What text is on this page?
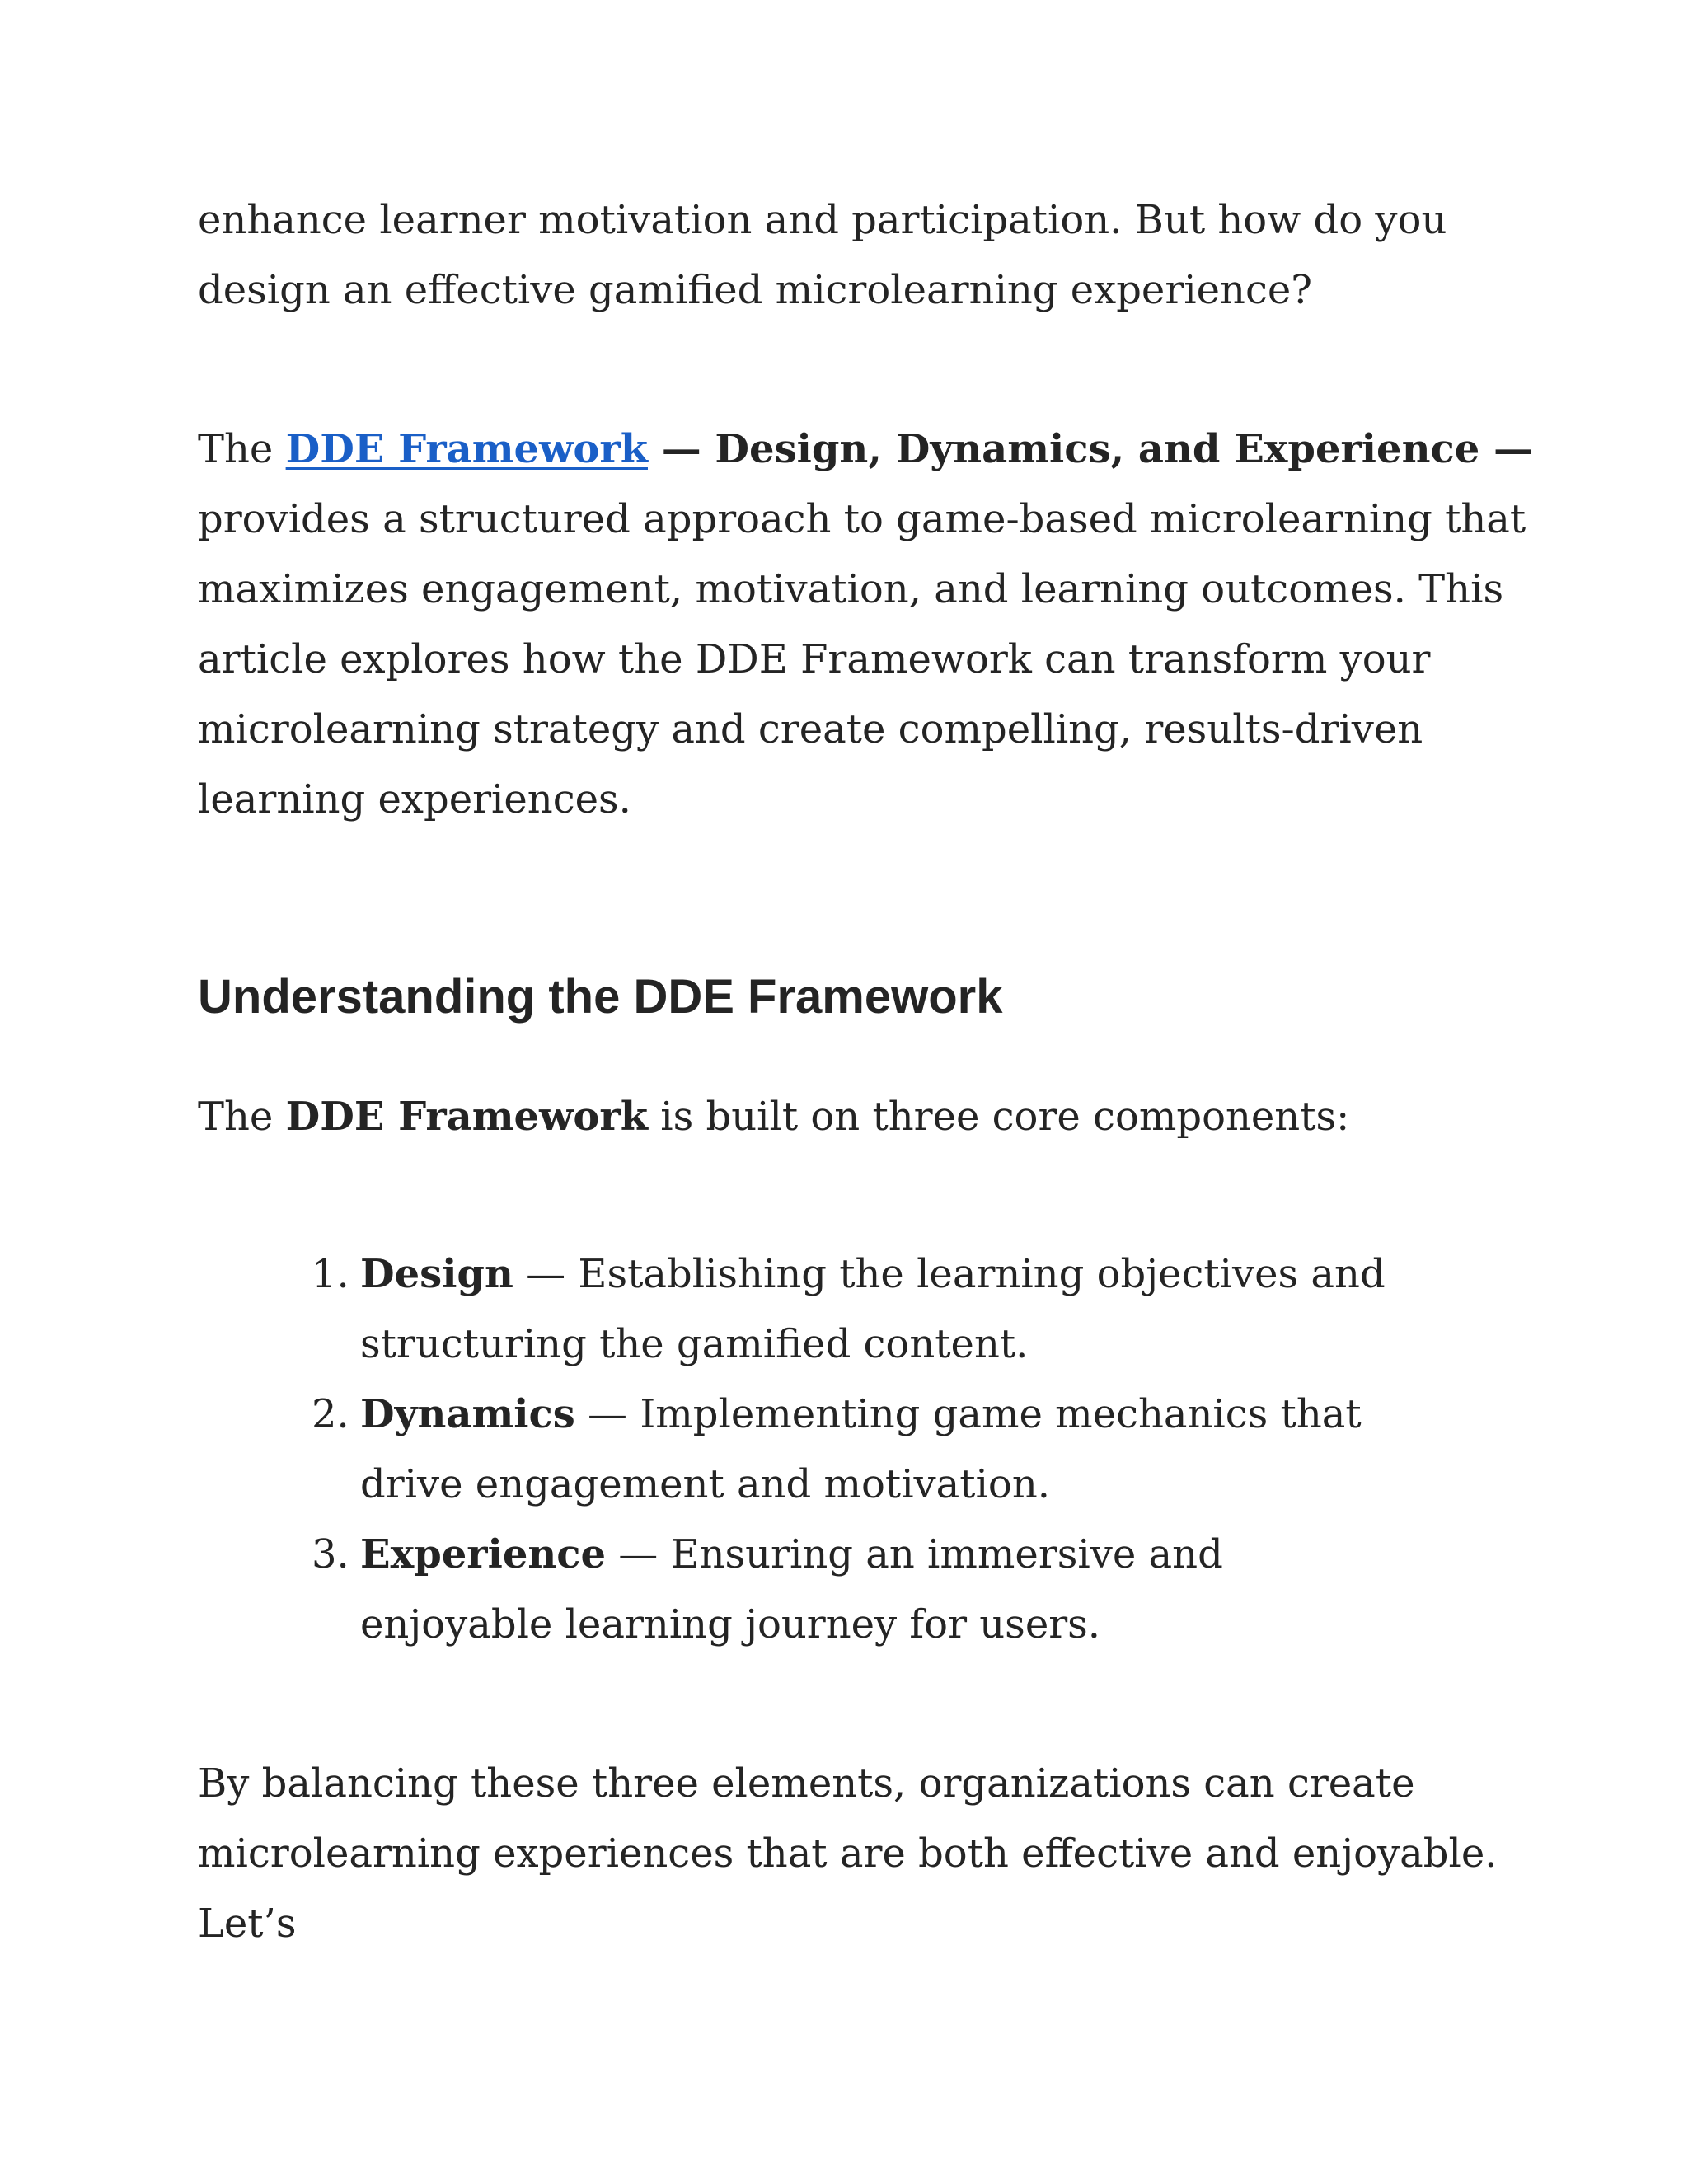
enhance learner motivation and participation. But how do you design an effective gamified microlearning experience?

The DDE Framework — Design, Dynamics, and Experience — provides a structured approach to game-based microlearning that maximizes engagement, motivation, and learning outcomes. This article explores how the DDE Framework can transform your microlearning strategy and create compelling, results-driven learning experiences.

Understanding the DDE Framework

The DDE Framework is built on three core components:

1. Design — Establishing the learning objectives and structuring the gamified content.
2. Dynamics — Implementing game mechanics that drive engagement and motivation.
3. Experience — Ensuring an immersive and enjoyable learning journey for users.

By balancing these three elements, organizations can create microlearning experiences that are both effective and enjoyable. Let’s
